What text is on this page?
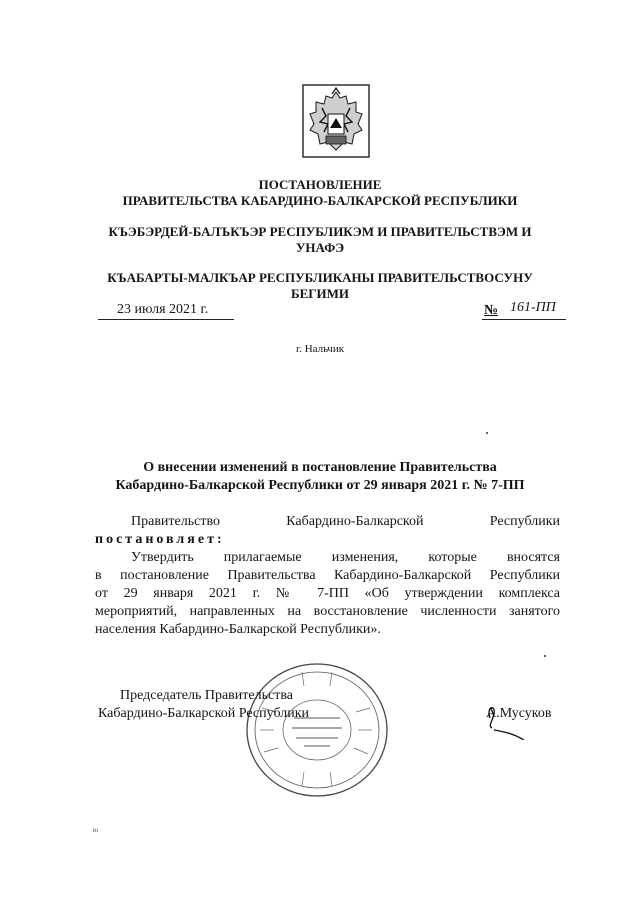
ПОСТАНОВЛЕНИЕ
ПРАВИТЕЛЬСТВА КАБАРДИНО-БАЛКАРСКОЙ РЕСПУБЛИКИ
КЪЭБЭРДЕЙ-БАЛЪКЪЭР РЕСПУБЛИКЭМ И ПРАВИТЕЛЬСТВЭМ И
УНАФЭ
КЪАБАРТЫ-МАЛКЪАР РЕСПУБЛИКАНЫ ПРАВИТЕЛЬСТВОСУНУ
БЕГИМИ
23 июля 2021 г.	№ 161-ПП
г. Нальчик
О внесении изменений в постановление Правительства
Кабардино-Балкарской Республики от 29 января 2021 г. № 7-ПП
Правительство Кабардино-Балкарской Республики
постановляет:
Утвердить прилагаемые изменения, которые вносятся
в постановление Правительства Кабардино-Балкарской Республики
от 29 января 2021 г. № 7-ПП «Об утверждении комплекса
мероприятий, направленных на восстановление численности занятого
населения Кабардино-Балкарской Республики».
Председатель Правительства
Кабардино-Балкарской Республики	А.Мусуков
ю
